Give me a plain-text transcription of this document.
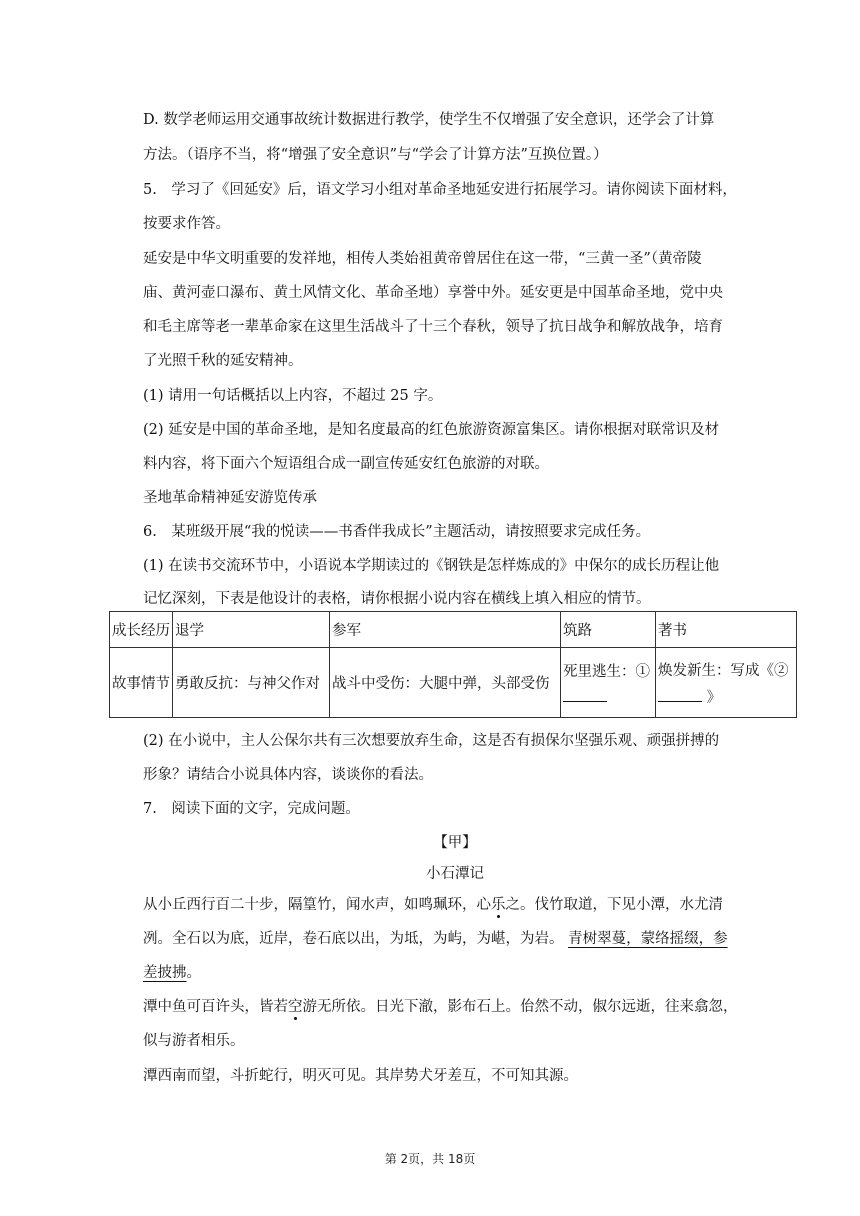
D. 数学老师运用交通事故统计数据进行教学，使学生不仅增强了安全意识，还学会了计算
方法。（语序不当，将“增强了安全意识”与“学会了计算方法”互换位置。）
5.　学习了《回延安》后，语文学习小组对革命圣地延安进行拓展学习。请你阅读下面材料，
按要求作答。
延安是中华文明重要的发祥地，相传人类始祖黄帝曾居住在这一带，“三黄一圣”（黄帝陵
庙、黄河壶口瀑布、黄土风情文化、革命圣地）享誉中外。延安更是中国革命圣地，党中央
和毛主席等老一辈革命家在这里生活战斗了十三个春秋，领导了抗日战争和解放战争，培育
了光照千秋的延安精神。
(1) 请用一句话概括以上内容，不超过 25 字。
(2) 延安是中国的革命圣地，是知名度最高的红色旅游资源富集区。请你根据对联常识及材
料内容，将下面六个短语组合成一副宣传延安红色旅游的对联。
圣地革命精神延安游览传承
6.　某班级开展“我的悦读——书香伴我成长”主题活动，请按照要求完成任务。
(1) 在读书交流环节中，小语说本学期读过的《钢铁是怎样炼成的》中保尔的成长历程让他
记忆深刻，下表是他设计的表格，请你根据小说内容在横线上填入相应的情节。
成长经历	退学	参军	筑路	著书
故事情节	勇敢反抗：与神父作对	战斗中受伤：大腿中弹，头部受伤	死里逃生：①	焕发新生：写成《②
》
(2) 在小说中，主人公保尔共有三次想要放弃生命，这是否有损保尔坚强乐观、顽强拼搏的
形象？请结合小说具体内容，谈谈你的看法。
7.　阅读下面的文字，完成问题。
【甲】
小石潭记
从小丘西行百二十步，隔篁竹，闻水声，如鸣珮环，心乐之。伐竹取道，下见小潭，水尤清
冽。全石以为底，近岸，卷石底以出，为坻，为屿，为嵁，为岩。 青树翠蔓，蒙络摇缀，参
差披拂。
潭中鱼可百许头，皆若空游无所依。日光下澈，影布石上。佁然不动，俶尔远逝，往来翕忽，
似与游者相乐。
潭西南而望，斗折蛇行，明灭可见。其岸势犬牙差互，不可知其源。
第 2页，共 18页
